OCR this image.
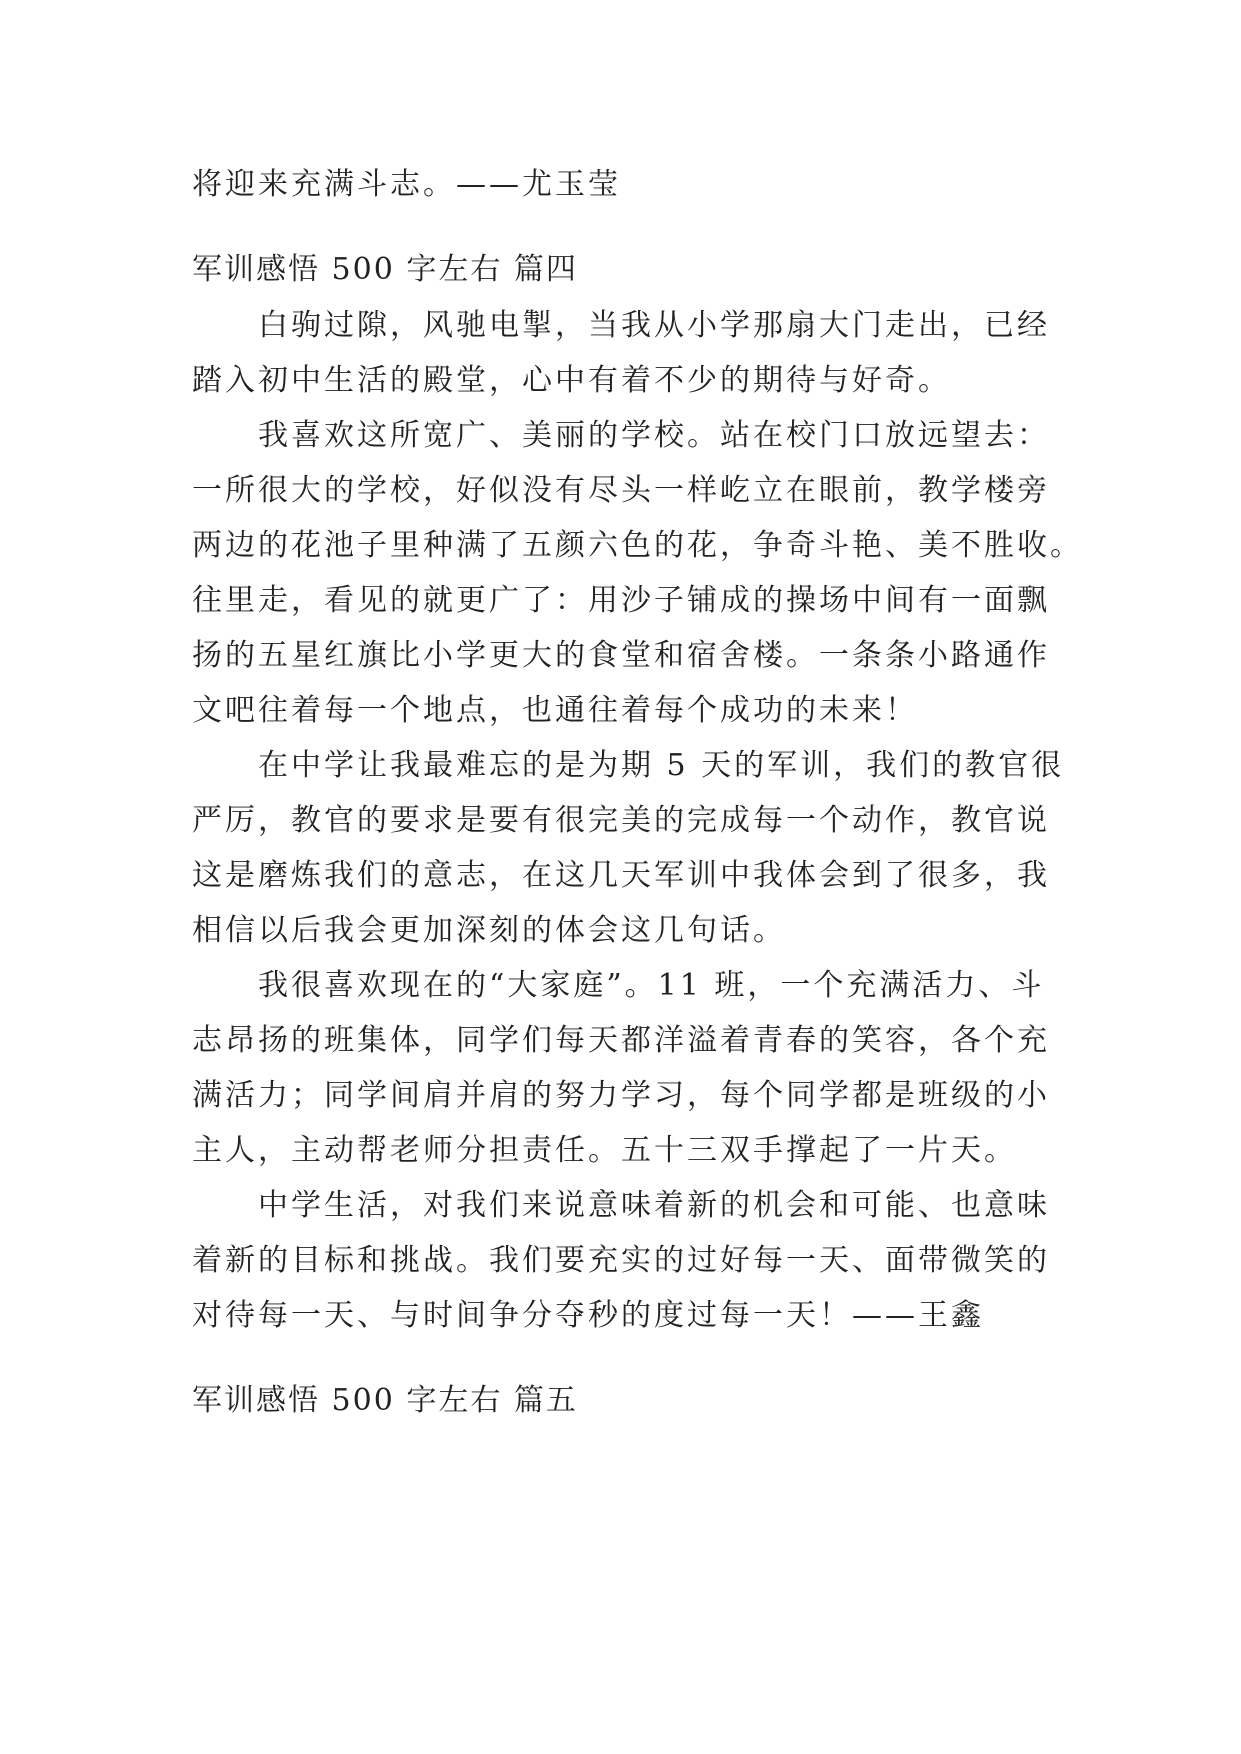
将迎来充满斗志。——尤玉莹
军训感悟 500 字左右 篇四
　　白驹过隙，风驰电掣，当我从小学那扇大门走出，已经
踏入初中生活的殿堂，心中有着不少的期待与好奇。
　　我喜欢这所宽广、美丽的学校。站在校门口放远望去：
一所很大的学校，好似没有尽头一样屹立在眼前，教学楼旁
两边的花池子里种满了五颜六色的花，争奇斗艳、美不胜收。
往里走，看见的就更广了：用沙子铺成的操场中间有一面飘
扬的五星红旗比小学更大的食堂和宿舍楼。一条条小路通作
文吧往着每一个地点，也通往着每个成功的未来！
　　在中学让我最难忘的是为期 5 天的军训，我们的教官很
严厉，教官的要求是要有很完美的完成每一个动作，教官说
这是磨炼我们的意志，在这几天军训中我体会到了很多，我
相信以后我会更加深刻的体会这几句话。
　　我很喜欢现在的“大家庭”。11 班，一个充满活力、斗
志昂扬的班集体，同学们每天都洋溢着青春的笑容，各个充
满活力；同学间肩并肩的努力学习，每个同学都是班级的小
主人，主动帮老师分担责任。五十三双手撑起了一片天。
　　中学生活，对我们来说意味着新的机会和可能、也意味
着新的目标和挑战。我们要充实的过好每一天、面带微笑的
对待每一天、与时间争分夺秒的度过每一天！——王鑫
军训感悟 500 字左右 篇五
